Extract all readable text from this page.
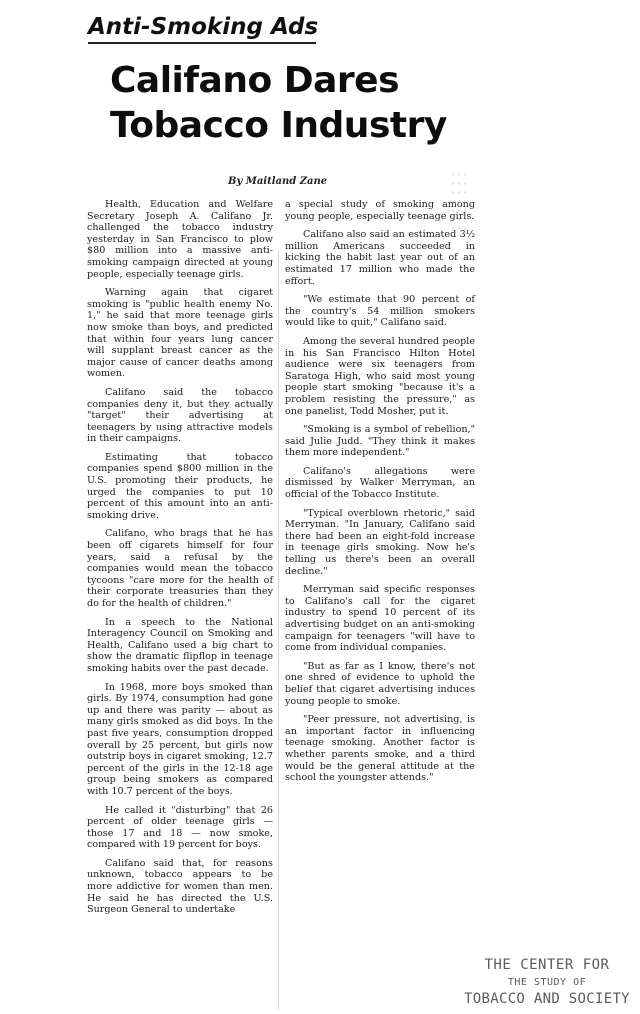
Anti-Smoking Ads
Califano Dares Tobacco Industry
By Maitland Zane

Health, Education and Welfare Secretary Joseph A. Califano Jr. challenged the tobacco industry yesterday in San Francisco to plow $80 million into a massive anti-smoking campaign directed at young people, especially teenage girls.

Warning again that cigaret smoking is "public health enemy No. 1," he said that more teenage girls now smoke than boys, and predicted that within four years lung cancer will supplant breast cancer as the major cause of cancer deaths among women.

Califano said the tobacco companies deny it, but they actually "target" their advertising at teenagers by using attractive models in their campaigns.

Estimating that tobacco companies spend $800 million in the U.S. promoting their products, he urged the companies to put 10 percent of this amount into an anti-smoking drive.

Califano, who brags that he has been off cigarets himself for four years, said a refusal by the companies would mean the tobacco tycoons "care more for the health of their corporate treasuries than they do for the health of children."

In a speech to the National Interagency Council on Smoking and Health, Califano used a big chart to show the dramatic flipflop in teenage smoking habits over the past decade.

In 1968, more boys smoked than girls. By 1974, consumption had gone up and there was parity — about as many girls smoked as did boys. In the past five years, consumption dropped overall by 25 percent, but girls now outstrip boys in cigaret smoking, 12.7 percent of the girls in the 12-18 age group being smokers as compared with 10.7 percent of the boys.

He called it "disturbing" that 26 percent of older teenage girls — those 17 and 18 — now smoke, compared with 19 percent for boys.

Califano said that, for reasons unknown, tobacco appears to be more addictive for women than men. He said he has directed the U.S. Surgeon General to undertake

a special study of smoking among young people, especially teenage girls.

Califano also said an estimated 3½ million Americans succeeded in kicking the habit last year out of an estimated 17 million who made the effort.

"We estimate that 90 percent of the country's 54 million smokers would like to quit," Califano said.

Among the several hundred people in his San Francisco Hilton Hotel audience were six teenagers from Saratoga High, who said most young people start smoking "because it's a problem resisting the pressure," as one panelist, Todd Mosher, put it.

"Smoking is a symbol of rebellion," said Julie Judd. "They think it makes them more independent."

Califano's allegations were dismissed by Walker Merryman, an official of the Tobacco Institute.

"Typical overblown rhetoric," said Merryman. "In January, Califano said there had been an eight-fold increase in teenage girls smoking. Now he's telling us there's been an overall decline."

Merryman said specific responses to Califano's call for the cigaret industry to spend 10 percent of its advertising budget on an anti-smoking campaign for teenagers "will have to come from individual companies.

"But as far as I know, there's not one shred of evidence to uphold the belief that cigaret advertising induces young people to smoke.

"Peer pressure, not advertising, is an important factor in influencing teenage smoking. Another factor is whether parents smoke, and a third would be the general attitude at the school the youngster attends."

THE CENTER FOR
THE STUDY OF
TOBACCO AND SOCIETY
